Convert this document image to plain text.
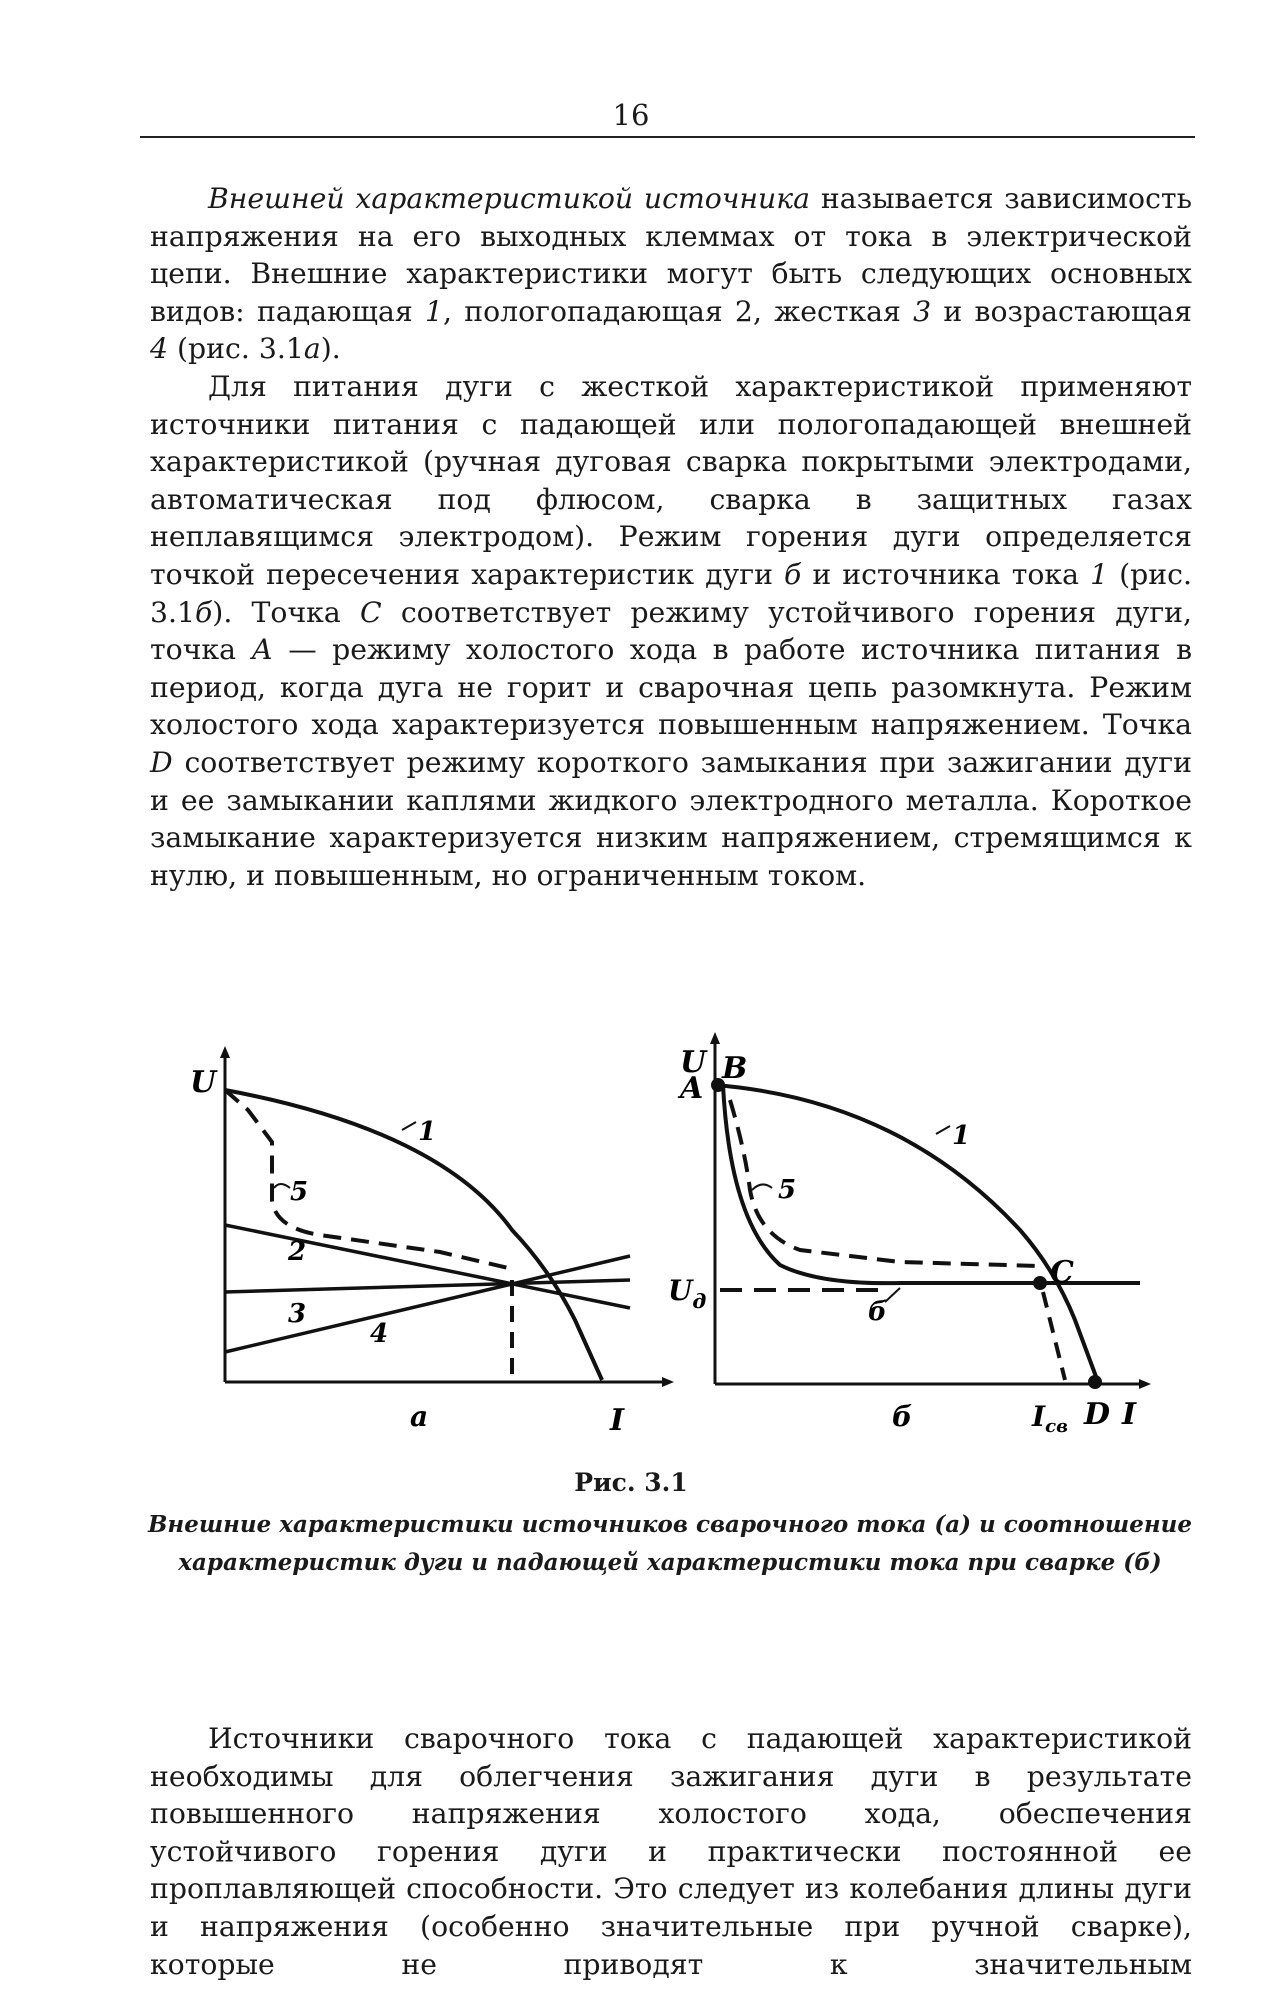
16

Внешней характеристикой источника называется зависимость напряжения на его выходных клеммах от тока в электрической цепи. Внешние характеристики могут быть следующих основных видов: падающая 1, пологопадающая 2, жесткая 3 и возрастающая 4 (рис. 3.1а).

Для питания дуги с жесткой характеристикой применяют источники питания с падающей или пологопадающей внешней характеристикой (ручная дуговая сварка покрытыми электродами, автоматическая под флюсом, сварка в защитных газах неплавящимся электродом). Режим горения дуги определяется точкой пересечения характеристик дуги б и источника тока 1 (рис. 3.1б). Точка С соответствует режиму устойчивого горения дуги, точка А — режиму холостого хода в работе источника питания в период, когда дуга не горит и сварочная цепь разомкнута. Режим холостого хода характеризуется повышенным напряжением. Точка D соответствует режиму короткого замыкания при зажигании дуги и ее замыкании каплями жидкого электродного металла. Короткое замыкание характеризуется низким напряжением, стремящимся к нулю, и повышенным, но ограниченным током.

U
I
а
1
2
3
4
5
U
A
B
C
D I
$U_д$
$I_{св}$
б
1
5
б
Рис. 3.1
Внешние характеристики источников сварочного тока (а) и соотношение характеристик дуги и падающей характеристики тока при сварке (б)

Источники сварочного тока с падающей характеристикой необходимы для облегчения зажигания дуги в результате повышенного напряжения холостого хода, обеспечения устойчивого горения дуги и практически постоянной ее проплавляющей способности. Это следует из колебания длины дуги и напряжения (особенно значительные при ручной сварке), которые не приводят к значительным
